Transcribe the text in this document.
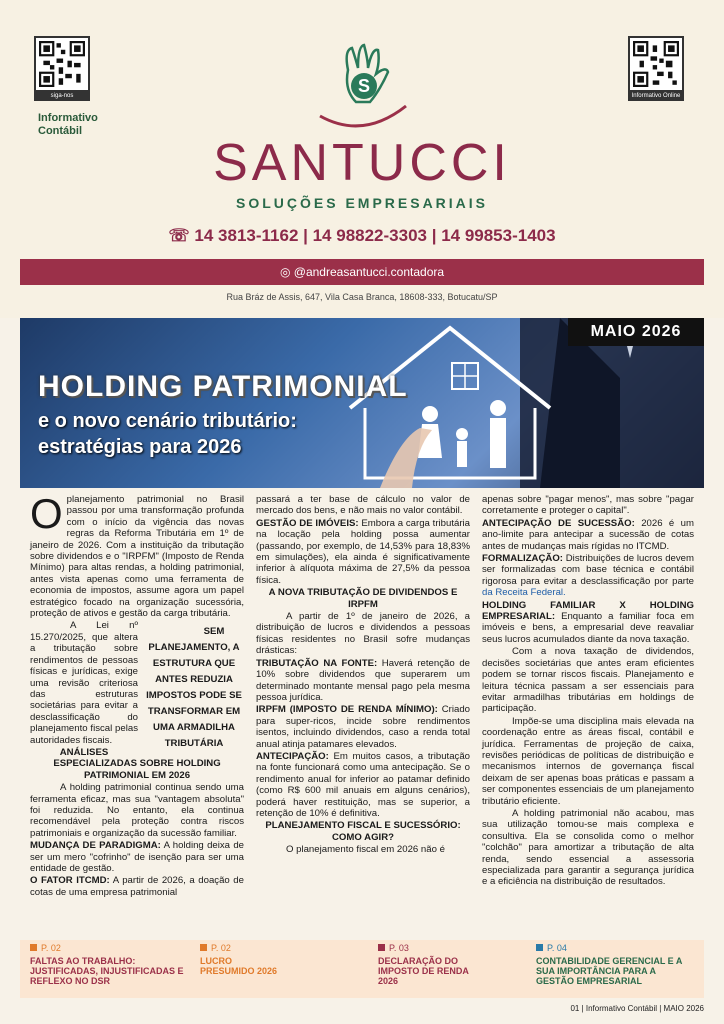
siga-nos	Informativo Online
Informativo Contábil
S
SANTUCCI
SOLUÇÕES EMPRESARIAIS
☏ 14 3813-1162 | 14 98822-3303 | 14 99853-1403
◎ @andreasantucci.contadora
Rua Bráz de Assis, 647, Vila Casa Branca, 18608-333, Botucatu/SP
MAIO 2026
HOLDING PATRIMONIAL
e o novo cenário tributário:
estratégias para 2026

Oplanejamento patrimonial no Brasil passou por uma transformação profunda com o início da vigência das novas regras da Reforma Tributária em 1º de janeiro de 2026. Com a instituição da tributação sobre dividendos e o "IRPFM" (Imposto de Renda Mínimo) para altas rendas, a holding patrimonial, antes vista apenas como uma ferramenta de economia de impostos, assume agora um papel estratégico focado na organização sucessória, proteção de ativos e gestão da carga tributária.

SEM PLANEJAMENTO, A ESTRUTURA QUE ANTES REDUZIA IMPOSTOS PODE SE TRANSFORMAR EM UMA ARMADILHA TRIBUTÁRIA
A Lei nº 15.270/2025, que altera a tributação sobre rendimentos de pessoas físicas e jurídicas, exige uma revisão criteriosa das estruturas societárias para evitar a desclassificação do planejamento fiscal pelas autoridades fiscais.

ANÁLISES ESPECIALIZADAS SOBRE HOLDING PATRIMONIAL EM 2026

A holding patrimonial continua sendo uma ferramenta eficaz, mas sua "vantagem absoluta" foi reduzida. No entanto, ela continua recomendável pela proteção contra riscos patrimoniais e organização da sucessão familiar.

MUDANÇA DE PARADIGMA: A holding deixa de ser um mero "cofrinho" de isenção para ser uma entidade de gestão.

O FATOR ITCMD: A partir de 2026, a doação de cotas de uma empresa patrimonial

passará a ter base de cálculo no valor de mercado dos bens, e não mais no valor contábil.

GESTÃO DE IMÓVEIS: Embora a carga tributária na locação pela holding possa aumentar (passando, por exemplo, de 14,53% para 18,83% em simulações), ela ainda é significativamente inferior à alíquota máxima de 27,5% da pessoa física.

A NOVA TRIBUTAÇÃO DE DIVIDENDOS E IRPFM

A partir de 1º de janeiro de 2026, a distribuição de lucros e dividendos a pessoas físicas residentes no Brasil sofre mudanças drásticas:

TRIBUTAÇÃO NA FONTE: Haverá retenção de 10% sobre dividendos que superarem um determinado montante mensal pago pela mesma pessoa jurídica.

IRPFM (IMPOSTO DE RENDA MÍNIMO): Criado para super-ricos, incide sobre rendimentos isentos, incluindo dividendos, caso a renda total anual atinja patamares elevados.

ANTECIPAÇÃO: Em muitos casos, a tributação na fonte funcionará como uma antecipação. Se o rendimento anual for inferior ao patamar definido (como R$ 600 mil anuais em alguns cenários), poderá haver restituição, mas se superior, a retenção de 10% é definitiva.

PLANEJAMENTO FISCAL E SUCESSÓRIO: COMO AGIR?

O planejamento fiscal em 2026 não é

apenas sobre "pagar menos", mas sobre "pagar corretamente e proteger o capital".

ANTECIPAÇÃO DE SUCESSÃO: 2026 é um ano-limite para antecipar a sucessão de cotas antes de mudanças mais rígidas no ITCMD.

FORMALIZAÇÃO: Distribuições de lucros devem ser formalizadas com base técnica e contábil rigorosa para evitar a desclassificação por parte da Receita Federal.

HOLDING FAMILIAR X HOLDING EMPRESARIAL: Enquanto a familiar foca em imóveis e bens, a empresarial deve reavaliar seus lucros acumulados diante da nova taxação.

Com a nova taxação de dividendos, decisões societárias que antes eram eficientes podem se tornar riscos fiscais. Planejamento e leitura técnica passam a ser essenciais para evitar armadilhas tributárias em holdings de participação.

Impõe-se uma disciplina mais elevada na coordenação entre as áreas fiscal, contábil e jurídica. Ferramentas de projeção de caixa, revisões periódicas de políticas de distribuição e mecanismos internos de governança fiscal deixam de ser apenas boas práticas e passam a ser componentes essenciais de um planejamento tributário eficiente.

A holding patrimonial não acabou, mas sua utilização tomou-se mais complexa e consultiva. Ela se consolida como o melhor "colchão" para amortizar a tributação de alta renda, sendo essencial a assessoria especializada para garantir a segurança jurídica e a eficiência na distribuição de resultados.

P. 02
FALTAS AO TRABALHO: JUSTIFICADAS, INJUSTIFICADAS E REFLEXO NO DSR
P. 02
LUCRO PRESUMIDO 2026
P. 03
DECLARAÇÃO DO IMPOSTO DE RENDA 2026
P. 04
CONTABILIDADE GERENCIAL E A SUA IMPORTÂNCIA PARA A GESTÃO EMPRESARIAL
01 | Informativo Contábil | MAIO 2026
